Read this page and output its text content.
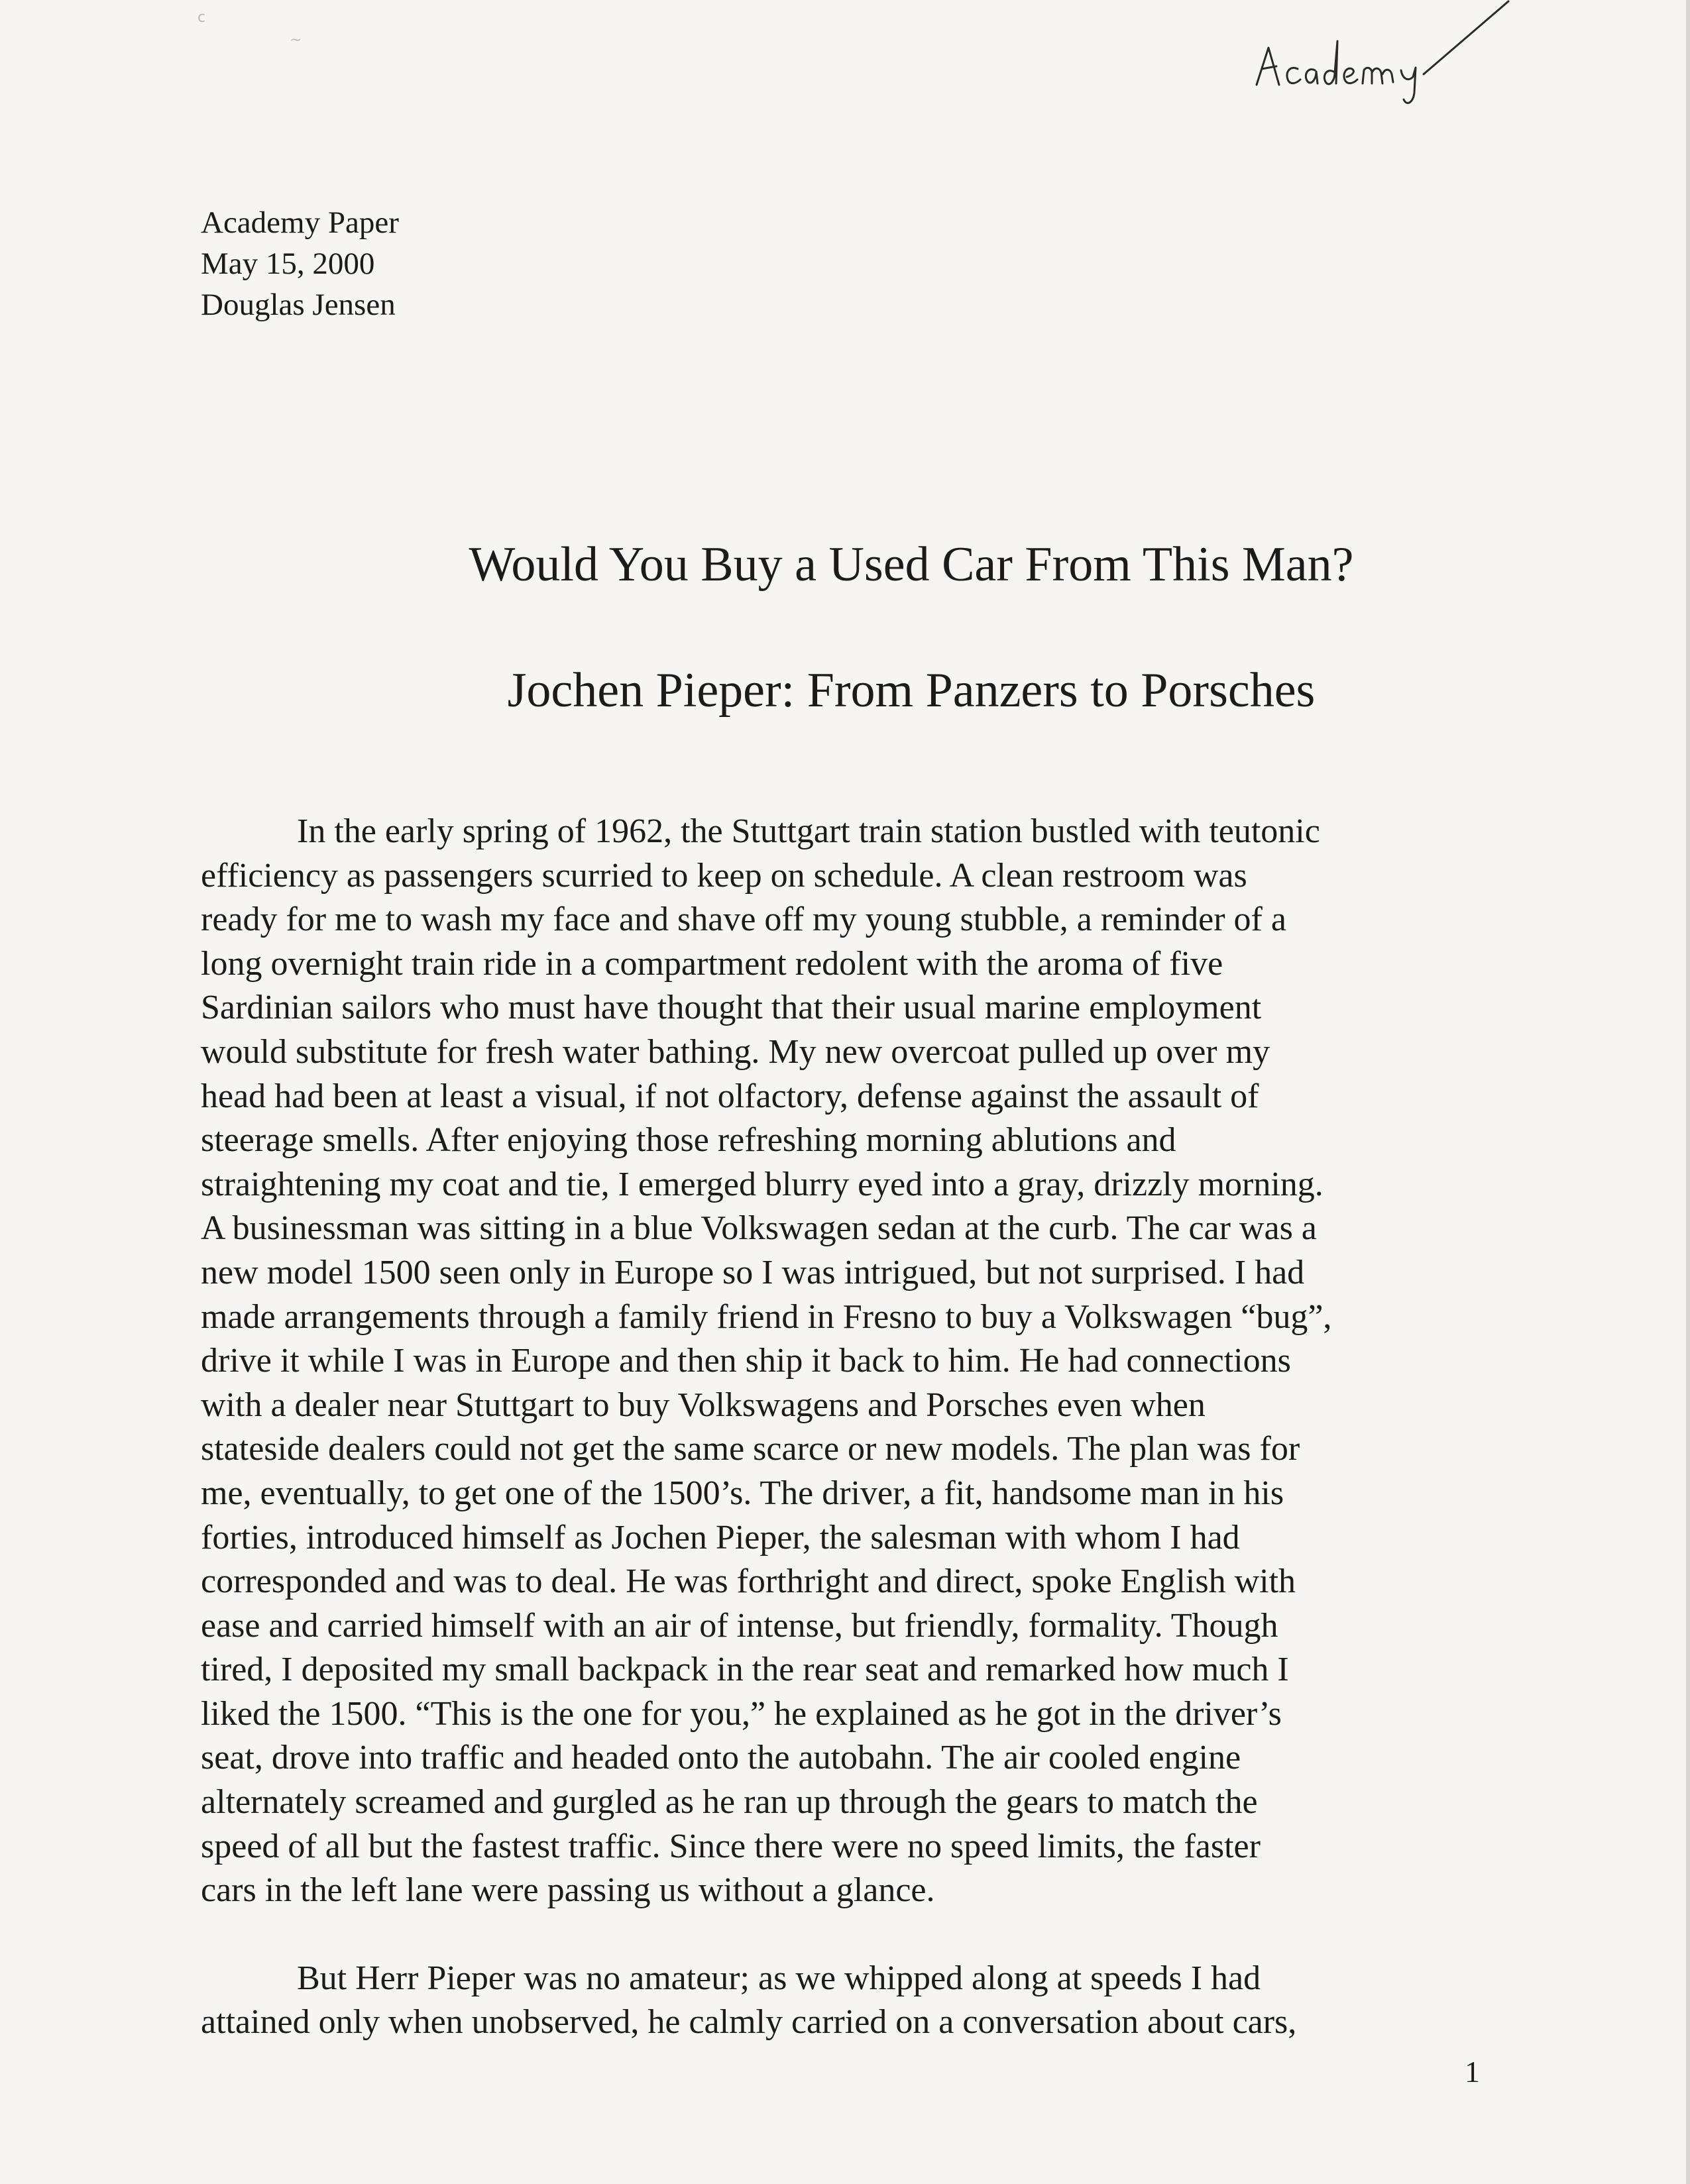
c
∼
Academy Paper
May 15, 2000
Douglas Jensen
Would You Buy a Used Car From This Man?
Jochen Pieper: From Panzers to Porsches
In the early spring of 1962, the Stuttgart train station bustled with teutonic
efficiency as passengers scurried to keep on schedule. A clean restroom was
ready for me to wash my face and shave off my young stubble, a reminder of a
long overnight train ride in a compartment redolent with the aroma of five
Sardinian sailors who must have thought that their usual marine employment
would substitute for fresh water bathing. My new overcoat pulled up over my
head had been at least a visual, if not olfactory, defense against the assault of
steerage smells. After enjoying those refreshing morning ablutions and
straightening my coat and tie, I emerged blurry eyed into a gray, drizzly morning.
A businessman was sitting in a blue Volkswagen sedan at the curb. The car was a
new model 1500 seen only in Europe so I was intrigued, but not surprised. I had
made arrangements through a family friend in Fresno to buy a Volkswagen “bug”,
drive it while I was in Europe and then ship it back to him. He had connections
with a dealer near Stuttgart to buy Volkswagens and Porsches even when
stateside dealers could not get the same scarce or new models. The plan was for
me, eventually, to get one of the 1500’s. The driver, a fit, handsome man in his
forties, introduced himself as Jochen Pieper, the salesman with whom I had
corresponded and was to deal. He was forthright and direct, spoke English with
ease and carried himself with an air of intense, but friendly, formality. Though
tired, I deposited my small backpack in the rear seat and remarked how much I
liked the 1500. “This is the one for you,” he explained as he got in the driver’s
seat, drove into traffic and headed onto the autobahn. The air cooled engine
alternately screamed and gurgled as he ran up through the gears to match the
speed of all but the fastest traffic. Since there were no speed limits, the faster
cars in the left lane were passing us without a glance.
But Herr Pieper was no amateur; as we whipped along at speeds I had
attained only when unobserved, he calmly carried on a conversation about cars,
1
